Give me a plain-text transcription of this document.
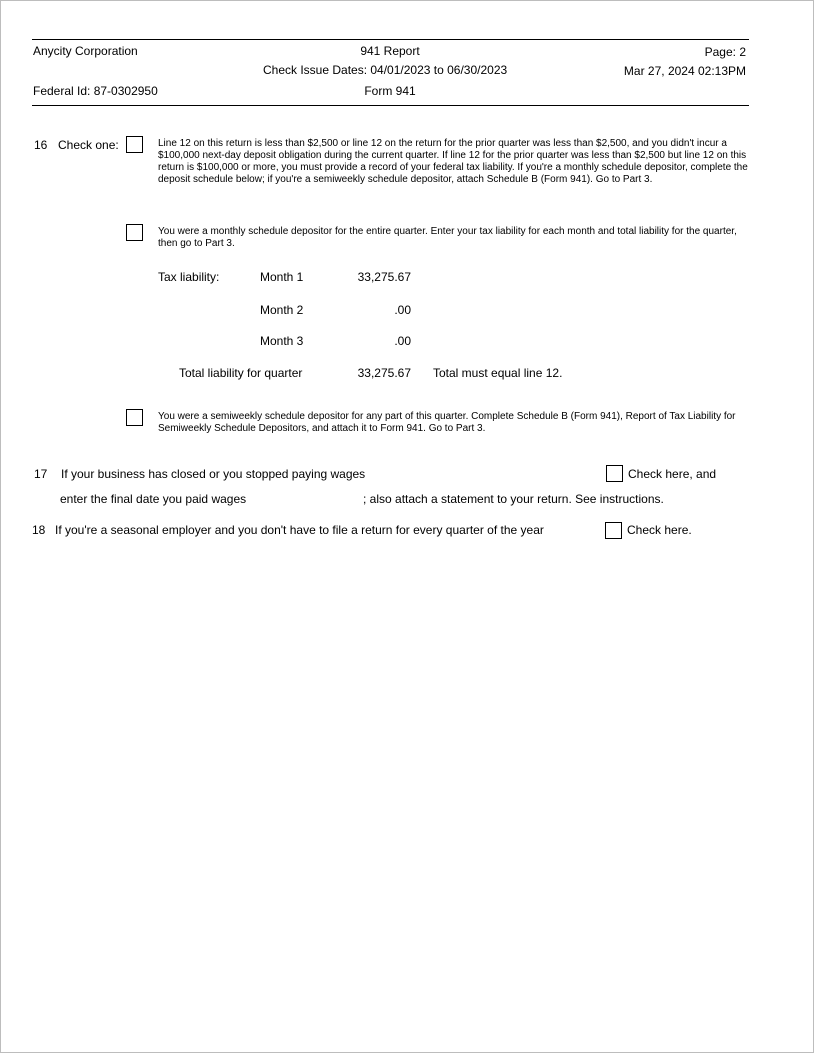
Anycity Corporation	941 Report	Page: 2
Check Issue Dates: 04/01/2023 to 06/30/2023	Mar 27, 2024 02:13PM
Federal Id: 87-0302950	Form 941
16 Check one:	Line 12 on this return is less than $2,500 or line 12 on the return for the prior quarter was less than $2,500, and you didn't incur a $100,000 next-day deposit obligation during the current quarter. If line 12 for the prior quarter was less than $2,500 but line 12 on this return is $100,000 or more, you must provide a record of your federal tax liability. If you're a monthly schedule depositor, complete the deposit schedule below; if you're a semiweekly schedule depositor, attach Schedule B (Form 941). Go to Part 3.
You were a monthly schedule depositor for the entire quarter. Enter your tax liability for each month and total liability for the quarter, then go to Part 3.
Tax liability:	Month 1	33,275.67
Month 2	.00
Month 3	.00
Total liability for quarter	33,275.67 Total must equal line 12.
You were a semiweekly schedule depositor for any part of this quarter. Complete Schedule B (Form 941), Report of Tax Liability for Semiweekly Schedule Depositors, and attach it to Form 941. Go to Part 3.
17 If your business has closed or you stopped paying wages	Check here, and
enter the final date you paid wages	; also attach a statement to your return. See instructions.
18 If you're a seasonal employer and you don't have to file a return for every quarter of the year	Check here.
